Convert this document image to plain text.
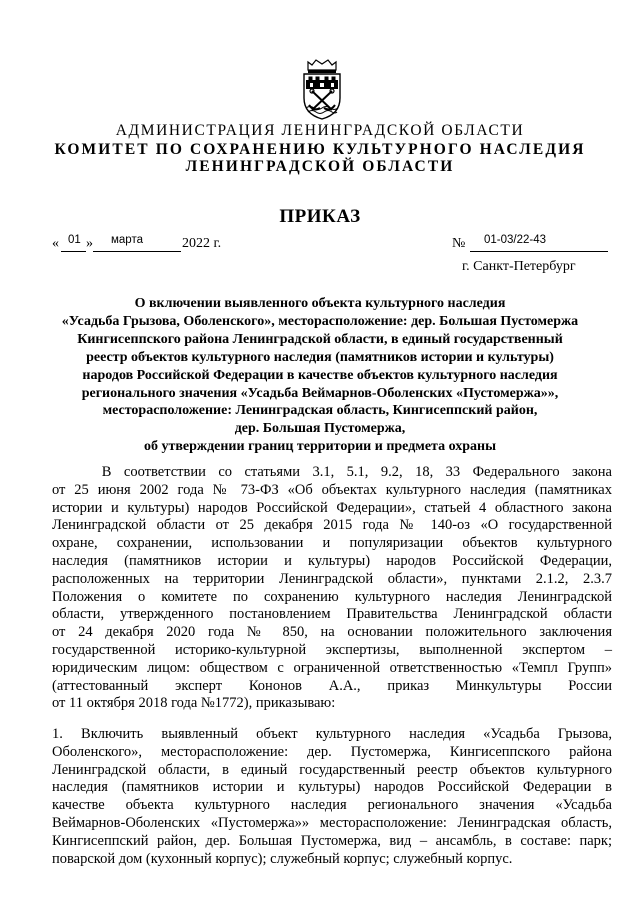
АДМИНИСТРАЦИЯ ЛЕНИНГРАДСКОЙ ОБЛАСТИ

КОМИТЕТ ПО СОХРАНЕНИЮ КУЛЬТУРНОГО НАСЛЕДИЯ

ЛЕНИНГРАДСКОЙ ОБЛАСТИ

ПРИКАЗ

« 01 » марта	2022 г.	№ 01-03/22-43
г. Санкт-Петербург
О включении выявленного объекта культурного наследия
«Усадьба Грызова, Оболенского», месторасположение: дер. Большая Пустомержа
Кингисеппского района Ленинградской области, в единый государственный
реестр объектов культурного наследия (памятников истории и культуры)
народов Российской Федерации в качестве объектов культурного наследия
регионального значения «Усадьба Веймарнов-Оболенских «Пустомержа»»,
месторасположение: Ленинградская область, Кингисеппский район,
дер. Большая Пустомержа,
об утверждении границ территории и предмета охраны
В  соответствии  со  статьями  3.1,  5.1,  9.2,  18,  33  Федерального  закона
от 25 июня 2002 года № 73-ФЗ «Об объектах культурного наследия (памятниках
истории и культуры) народов Российской Федерации», статьей 4 областного закона
Ленинградской области от 25 декабря 2015 года № 140-оз «О государственной
охране, сохранении, использовании и популяризации объектов культурного
наследия (памятников истории и культуры) народов Российской Федерации,
расположенных на территории Ленинградской области», пунктами 2.1.2, 2.3.7
Положения о комитете по сохранению культурного наследия Ленинградской
области, утвержденного постановлением Правительства Ленинградской области
от 24 декабря 2020 года № 850, на основании положительного заключения
государственной историко-культурной экспертизы, выполненной экспертом –
юридическим лицом: обществом с ограниченной ответственностью «Темпл Групп»
(аттестованный эксперт Кононов А.А., приказ Минкультуры России
от 11 октября 2018 года №1772), приказываю:
1. Включить выявленный объект культурного наследия «Усадьба Грызова,
Оболенского», месторасположение: дер. Пустомержа, Кингисеппского района
Ленинградской области, в единый государственный реестр объектов культурного
наследия (памятников истории и культуры) народов Российской Федерации в
качестве объекта культурного наследия регионального значения «Усадьба
Веймарнов-Оболенских «Пустомержа»» месторасположение: Ленинградская область,
Кингисеппский район, дер. Большая Пустомержа, вид – ансамбль, в составе: парк;
поварской дом (кухонный корпус); служебный корпус; служебный корпус.
